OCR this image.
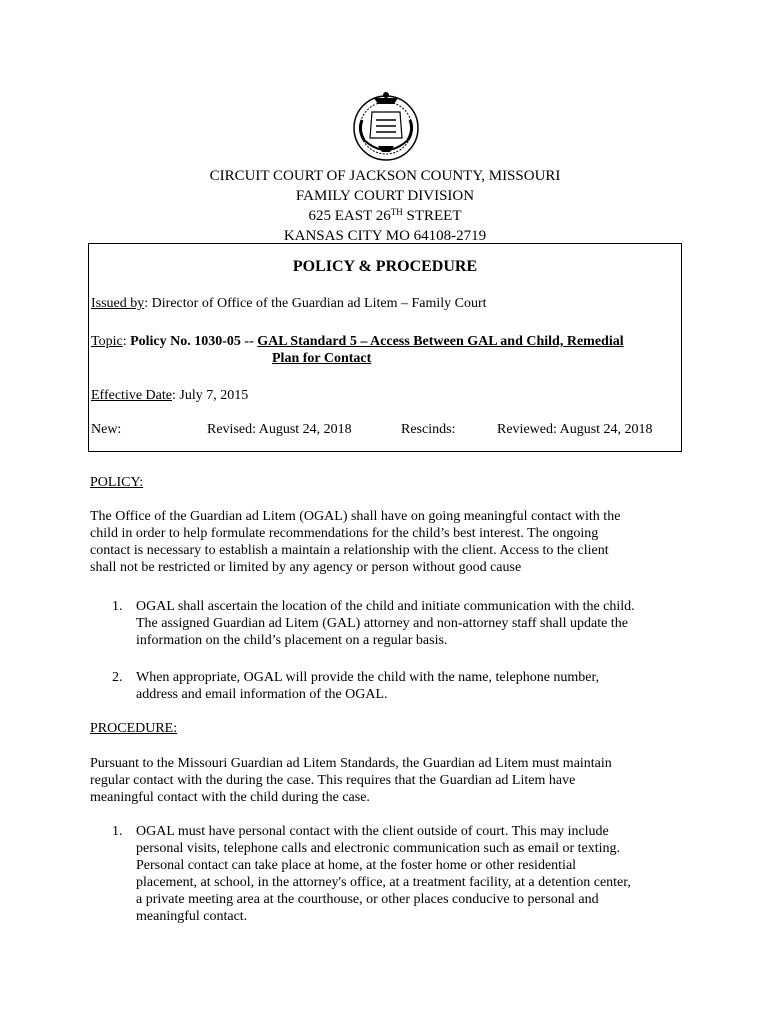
CIRCUIT COURT OF JACKSON COUNTY, MISSOURI
FAMILY COURT DIVISION
625 EAST 26TH STREET
KANSAS CITY MO 64108-2719
POLICY & PROCEDURE
Issued by: Director of Office of the Guardian ad Litem – Family Court
Topic: Policy No. 1030-05 -- GAL Standard 5 – Access Between GAL and Child, Remedial
Plan for Contact
Effective Date: July 7, 2015
New:	Revised: August 24, 2018	Rescinds:	Reviewed: August 24, 2018
POLICY:
The Office of the Guardian ad Litem (OGAL) shall have on going meaningful contact with the
child in order to help formulate recommendations for the child’s best interest. The ongoing
contact is necessary to establish a maintain a relationship with the client. Access to the client
shall not be restricted or limited by any agency or person without good cause
1. OGAL shall ascertain the location of the child and initiate communication with the child.
The assigned Guardian ad Litem (GAL) attorney and non-attorney staff shall update the
information on the child’s placement on a regular basis.
2. When appropriate, OGAL will provide the child with the name, telephone number,
address and email information of the OGAL.
PROCEDURE:
Pursuant to the Missouri Guardian ad Litem Standards, the Guardian ad Litem must maintain
regular contact with the during the case. This requires that the Guardian ad Litem have
meaningful contact with the child during the case.
1. OGAL must have personal contact with the client outside of court. This may include
personal visits, telephone calls and electronic communication such as email or texting.
Personal contact can take place at home, at the foster home or other residential
placement, at school, in the attorney's office, at a treatment facility, at a detention center,
a private meeting area at the courthouse, or other places conducive to personal and
meaningful contact.
